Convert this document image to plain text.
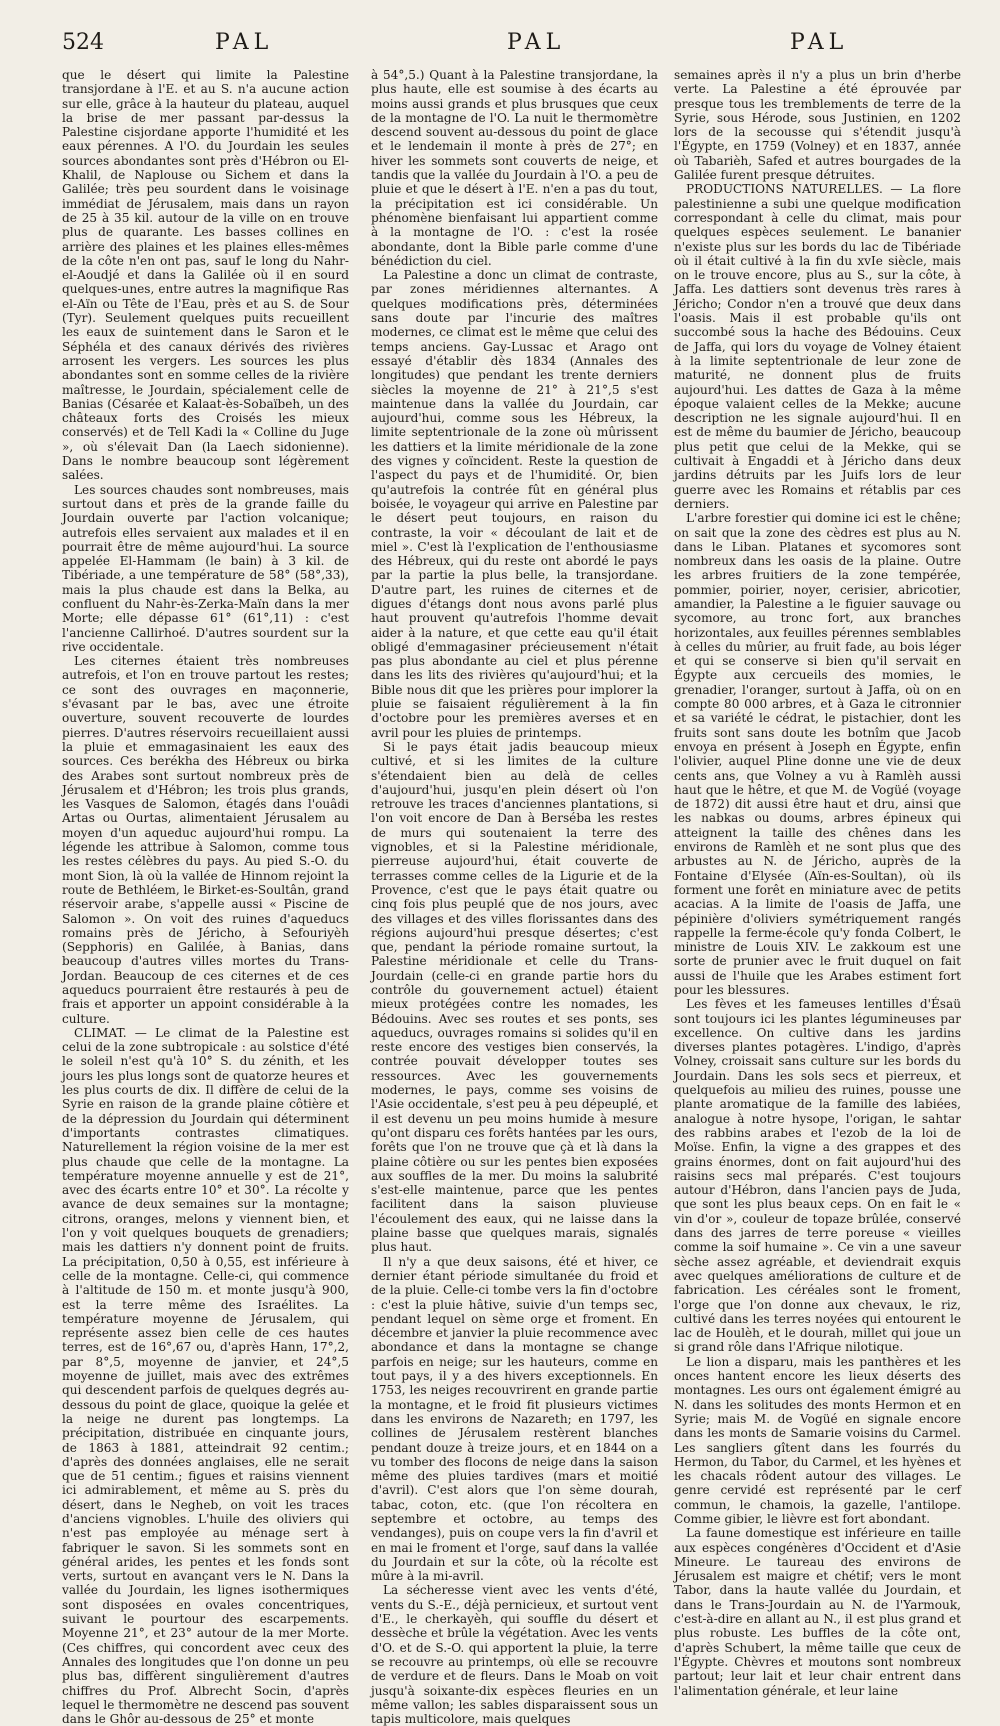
524	PAL	PAL	PAL

que le désert qui limite la Palestine transjordane à l'E. et au S. n'a aucune action sur elle, grâce à la hauteur du plateau, auquel la brise de mer passant par-dessus la Palestine cisjordane apporte l'humidité et les eaux pérennes. A l'O. du Jourdain les seules sources abondantes sont près d'Hébron ou El-Khalil, de Naplouse ou Sichem et dans la Galilée; très peu sourdent dans le voisinage immédiat de Jérusalem, mais dans un rayon de 25 à 35 kil. autour de la ville on en trouve plus de quarante. Les basses collines en arrière des plaines et les plaines elles-mêmes de la côte n'en ont pas, sauf le long du Nahr-el-Aoudjé et dans la Galilée où il en sourd quelques-unes, entre autres la magnifique Ras el-Aïn ou Tête de l'Eau, près et au S. de Sour (Tyr). Seulement quelques puits recueillent les eaux de suintement dans le Saron et le Séphéla et des canaux dérivés des rivières arrosent les vergers. Les sources les plus abondantes sont en somme celles de la rivière maîtresse, le Jourdain, spécialement celle de Banias (Césarée et Kalaat-ès-Sobaïbeh, un des châteaux forts des Croisés les mieux conservés) et de Tell Kadi la « Colline du Juge », où s'élevait Dan (la Laech sidonienne). Dans le nombre beaucoup sont légèrement salées.

Les sources chaudes sont nombreuses, mais surtout dans et près de la grande faille du Jourdain ouverte par l'action volcanique; autrefois elles servaient aux malades et il en pourrait être de même aujourd'hui. La source appelée El-Hammam (le bain) à 3 kil. de Tibériade, a une température de 58° (58°,33), mais la plus chaude est dans la Belka, au confluent du Nahr-ès-Zerka-Maïn dans la mer Morte; elle dépasse 61° (61°,11) : c'est l'ancienne Callirhoé. D'autres sourdent sur la rive occidentale.

Les citernes étaient très nombreuses autrefois, et l'on en trouve partout les restes; ce sont des ouvrages en maçonnerie, s'évasant par le bas, avec une étroite ouverture, souvent recouverte de lourdes pierres. D'autres réservoirs recueillaient aussi la pluie et emmagasinaient les eaux des sources. Ces berékha des Hébreux ou birka des Arabes sont surtout nombreux près de Jérusalem et d'Hébron; les trois plus grands, les Vasques de Salomon, étagés dans l'ouâdi Artas ou Ourtas, alimentaient Jérusalem au moyen d'un aqueduc aujourd'hui rompu. La légende les attribue à Salomon, comme tous les restes célèbres du pays. Au pied S.-O. du mont Sion, là où la vallée de Hinnom rejoint la route de Bethléem, le Birket-es-Soultân, grand réservoir arabe, s'appelle aussi « Piscine de Salomon ». On voit des ruines d'aqueducs romains près de Jéricho, à Sefouriyèh (Sepphoris) en Galilée, à Banias, dans beaucoup d'autres villes mortes du Trans-Jordan. Beaucoup de ces citernes et de ces aqueducs pourraient être restaurés à peu de frais et apporter un appoint considérable à la culture.

CLIMAT. — Le climat de la Palestine est celui de la zone subtropicale : au solstice d'été le soleil n'est qu'à 10° S. du zénith, et les jours les plus longs sont de quatorze heures et les plus courts de dix. Il diffère de celui de la Syrie en raison de la grande plaine côtière et de la dépression du Jourdain qui déterminent d'importants contrastes climatiques. Naturellement la région voisine de la mer est plus chaude que celle de la montagne. La température moyenne annuelle y est de 21°, avec des écarts entre 10° et 30°. La récolte y avance de deux semaines sur la montagne; citrons, oranges, melons y viennent bien, et l'on y voit quelques bouquets de grenadiers; mais les dattiers n'y donnent point de fruits. La précipitation, 0,50 à 0,55, est inférieure à celle de la montagne. Celle-ci, qui commence à l'altitude de 150 m. et monte jusqu'à 900, est la terre même des Israélites. La température moyenne de Jérusalem, qui représente assez bien celle de ces hautes terres, est de 16°,67 ou, d'après Hann, 17°,2, par 8°,5, moyenne de janvier, et 24°,5 moyenne de juillet, mais avec des extrêmes qui descendent parfois de quelques degrés au-dessous du point de glace, quoique la gelée et la neige ne durent pas longtemps. La précipitation, distribuée en cinquante jours, de 1863 à 1881, atteindrait 92 centim.; d'après des données anglaises, elle ne serait que de 51 centim.; figues et raisins viennent ici admirablement, et même au S. près du désert, dans le Negheb, on voit les traces d'anciens vignobles. L'huile des oliviers qui n'est pas employée au ménage sert à fabriquer le savon. Si les sommets sont en général arides, les pentes et les fonds sont verts, surtout en avançant vers le N. Dans la vallée du Jourdain, les lignes isothermiques sont disposées en ovales concentriques, suivant le pourtour des escarpements. Moyenne 21°, et 23° autour de la mer Morte. (Ces chiffres, qui concordent avec ceux des Annales des longitudes que l'on donne un peu plus bas, diffèrent singulièrement d'autres chiffres du Prof. Albrecht Socin, d'après lequel le thermomètre ne descend pas souvent dans le Ghôr au-dessous de 25° et monte

à 54°,5.) Quant à la Palestine transjordane, la plus haute, elle est soumise à des écarts au moins aussi grands et plus brusques que ceux de la montagne de l'O. La nuit le thermomètre descend souvent au-dessous du point de glace et le lendemain il monte à près de 27°; en hiver les sommets sont couverts de neige, et tandis que la vallée du Jourdain à l'O. a peu de pluie et que le désert à l'E. n'en a pas du tout, la précipitation est ici considérable. Un phénomène bienfaisant lui appartient comme à la montagne de l'O. : c'est la rosée abondante, dont la Bible parle comme d'une bénédiction du ciel.

La Palestine a donc un climat de contraste, par zones méridiennes alternantes. A quelques modifications près, déterminées sans doute par l'incurie des maîtres modernes, ce climat est le même que celui des temps anciens. Gay-Lussac et Arago ont essayé d'établir dès 1834 (Annales des longitudes) que pendant les trente derniers siècles la moyenne de 21° à 21°,5 s'est maintenue dans la vallée du Jourdain, car aujourd'hui, comme sous les Hébreux, la limite septentrionale de la zone où mûrissent les dattiers et la limite méridionale de la zone des vignes y coïncident. Reste la question de l'aspect du pays et de l'humidité. Or, bien qu'autrefois la contrée fût en général plus boisée, le voyageur qui arrive en Palestine par le désert peut toujours, en raison du contraste, la voir « découlant de lait et de miel ». C'est là l'explication de l'enthousiasme des Hébreux, qui du reste ont abordé le pays par la partie la plus belle, la transjordane. D'autre part, les ruines de citernes et de digues d'étangs dont nous avons parlé plus haut prouvent qu'autrefois l'homme devait aider à la nature, et que cette eau qu'il était obligé d'emmagasiner précieusement n'était pas plus abondante au ciel et plus pérenne dans les lits des rivières qu'aujourd'hui; et la Bible nous dit que les prières pour implorer la pluie se faisaient régulièrement à la fin d'octobre pour les premières averses et en avril pour les pluies de printemps.

Si le pays était jadis beaucoup mieux cultivé, et si les limites de la culture s'étendaient bien au delà de celles d'aujourd'hui, jusqu'en plein désert où l'on retrouve les traces d'anciennes plantations, si l'on voit encore de Dan à Berséba les restes de murs qui soutenaient la terre des vignobles, et si la Palestine méridionale, pierreuse aujourd'hui, était couverte de terrasses comme celles de la Ligurie et de la Provence, c'est que le pays était quatre ou cinq fois plus peuplé que de nos jours, avec des villages et des villes florissantes dans des régions aujourd'hui presque désertes; c'est que, pendant la période romaine surtout, la Palestine méridionale et celle du Trans-Jourdain (celle-ci en grande partie hors du contrôle du gouvernement actuel) étaient mieux protégées contre les nomades, les Bédouins. Avec ses routes et ses ponts, ses aqueducs, ouvrages romains si solides qu'il en reste encore des vestiges bien conservés, la contrée pouvait développer toutes ses ressources. Avec les gouvernements modernes, le pays, comme ses voisins de l'Asie occidentale, s'est peu à peu dépeuplé, et il est devenu un peu moins humide à mesure qu'ont disparu ces forêts hantées par les ours, forêts que l'on ne trouve que çà et là dans la plaine côtière ou sur les pentes bien exposées aux souffles de la mer. Du moins la salubrité s'est-elle maintenue, parce que les pentes facilitent dans la saison pluvieuse l'écoulement des eaux, qui ne laisse dans la plaine basse que quelques marais, signalés plus haut.

Il n'y a que deux saisons, été et hiver, ce dernier étant période simultanée du froid et de la pluie. Celle-ci tombe vers la fin d'octobre : c'est la pluie hâtive, suivie d'un temps sec, pendant lequel on sème orge et froment. En décembre et janvier la pluie recommence avec abondance et dans la montagne se change parfois en neige; sur les hauteurs, comme en tout pays, il y a des hivers exceptionnels. En 1753, les neiges recouvrirent en grande partie la montagne, et le froid fit plusieurs victimes dans les environs de Nazareth; en 1797, les collines de Jérusalem restèrent blanches pendant douze à treize jours, et en 1844 on a vu tomber des flocons de neige dans la saison même des pluies tardives (mars et moitié d'avril). C'est alors que l'on sème dourah, tabac, coton, etc. (que l'on récoltera en septembre et octobre, au temps des vendanges), puis on coupe vers la fin d'avril et en mai le froment et l'orge, sauf dans la vallée du Jourdain et sur la côte, où la récolte est mûre à la mi-avril.

La sécheresse vient avec les vents d'été, vents du S.-E., déjà pernicieux, et surtout vent d'E., le cherkayèh, qui souffle du désert et dessèche et brûle la végétation. Avec les vents d'O. et de S.-O. qui apportent la pluie, la terre se recouvre au printemps, où elle se recouvre de verdure et de fleurs. Dans le Moab on voit jusqu'à soixante-dix espèces fleuries en un même vallon; les sables disparaissent sous un tapis multicolore, mais quelques

semaines après il n'y a plus un brin d'herbe verte. La Palestine a été éprouvée par presque tous les tremblements de terre de la Syrie, sous Hérode, sous Justinien, en 1202 lors de la secousse qui s'étendit jusqu'à l'Égypte, en 1759 (Volney) et en 1837, année où Tabarièh, Safed et autres bourgades de la Galilée furent presque détruites.

PRODUCTIONS NATURELLES. — La flore palestinienne a subi une quelque modification correspondant à celle du climat, mais pour quelques espèces seulement. Le bananier n'existe plus sur les bords du lac de Tibériade où il était cultivé à la fin du xvIe siècle, mais on le trouve encore, plus au S., sur la côte, à Jaffa. Les dattiers sont devenus très rares à Jéricho; Condor n'en a trouvé que deux dans l'oasis. Mais il est probable qu'ils ont succombé sous la hache des Bédouins. Ceux de Jaffa, qui lors du voyage de Volney étaient à la limite septentrionale de leur zone de maturité, ne donnent plus de fruits aujourd'hui. Les dattes de Gaza à la même époque valaient celles de la Mekke; aucune description ne les signale aujourd'hui. Il en est de même du baumier de Jéricho, beaucoup plus petit que celui de la Mekke, qui se cultivait à Engaddi et à Jéricho dans deux jardins détruits par les Juifs lors de leur guerre avec les Romains et rétablis par ces derniers.

L'arbre forestier qui domine ici est le chêne; on sait que la zone des cèdres est plus au N. dans le Liban. Platanes et sycomores sont nombreux dans les oasis de la plaine. Outre les arbres fruitiers de la zone tempérée, pommier, poirier, noyer, cerisier, abricotier, amandier, la Palestine a le figuier sauvage ou sycomore, au tronc fort, aux branches horizontales, aux feuilles pérennes semblables à celles du mûrier, au fruit fade, au bois léger et qui se conserve si bien qu'il servait en Égypte aux cercueils des momies, le grenadier, l'oranger, surtout à Jaffa, où on en compte 80 000 arbres, et à Gaza le citronnier et sa variété le cédrat, le pistachier, dont les fruits sont sans doute les botnîm que Jacob envoya en présent à Joseph en Égypte, enfin l'olivier, auquel Pline donne une vie de deux cents ans, que Volney a vu à Ramlèh aussi haut que le hêtre, et que M. de Vogüé (voyage de 1872) dit aussi être haut et dru, ainsi que les nabkas ou doums, arbres épineux qui atteignent la taille des chênes dans les environs de Ramlèh et ne sont plus que des arbustes au N. de Jéricho, auprès de la Fontaine d'Elysée (Aïn-es-Soultan), où ils forment une forêt en miniature avec de petits acacias. A la limite de l'oasis de Jaffa, une pépinière d'oliviers symétriquement rangés rappelle la ferme-école qu'y fonda Colbert, le ministre de Louis XIV. Le zakkoum est une sorte de prunier avec le fruit duquel on fait aussi de l'huile que les Arabes estiment fort pour les blessures.

Les fèves et les fameuses lentilles d'Ésaü sont toujours ici les plantes légumineuses par excellence. On cultive dans les jardins diverses plantes potagères. L'indigo, d'après Volney, croissait sans culture sur les bords du Jourdain. Dans les sols secs et pierreux, et quelquefois au milieu des ruines, pousse une plante aromatique de la famille des labiées, analogue à notre hysope, l'origan, le sahtar des rabbins arabes et l'ezob de la loi de Moïse. Enfin, la vigne a des grappes et des grains énormes, dont on fait aujourd'hui des raisins secs mal préparés. C'est toujours autour d'Hébron, dans l'ancien pays de Juda, que sont les plus beaux ceps. On en fait le « vin d'or », couleur de topaze brûlée, conservé dans des jarres de terre poreuse « vieilles comme la soif humaine ». Ce vin a une saveur sèche assez agréable, et deviendrait exquis avec quelques améliorations de culture et de fabrication. Les céréales sont le froment, l'orge que l'on donne aux chevaux, le riz, cultivé dans les terres noyées qui entourent le lac de Houlèh, et le dourah, millet qui joue un si grand rôle dans l'Afrique nilotique.

Le lion a disparu, mais les panthères et les onces hantent encore les lieux déserts des montagnes. Les ours ont également émigré au N. dans les solitudes des monts Hermon et en Syrie; mais M. de Vogüé en signale encore dans les monts de Samarie voisins du Carmel. Les sangliers gîtent dans les fourrés du Hermon, du Tabor, du Carmel, et les hyènes et les chacals rôdent autour des villages. Le genre cervidé est représenté par le cerf commun, le chamois, la gazelle, l'antilope. Comme gibier, le lièvre est fort abondant.

La faune domestique est inférieure en taille aux espèces congénères d'Occident et d'Asie Mineure. Le taureau des environs de Jérusalem est maigre et chétif; vers le mont Tabor, dans la haute vallée du Jourdain, et dans le Trans-Jourdain au N. de l'Yarmouk, c'est-à-dire en allant au N., il est plus grand et plus robuste. Les buffles de la côte ont, d'après Schubert, la même taille que ceux de l'Égypte. Chèvres et moutons sont nombreux partout; leur lait et leur chair entrent dans l'alimentation générale, et leur laine
